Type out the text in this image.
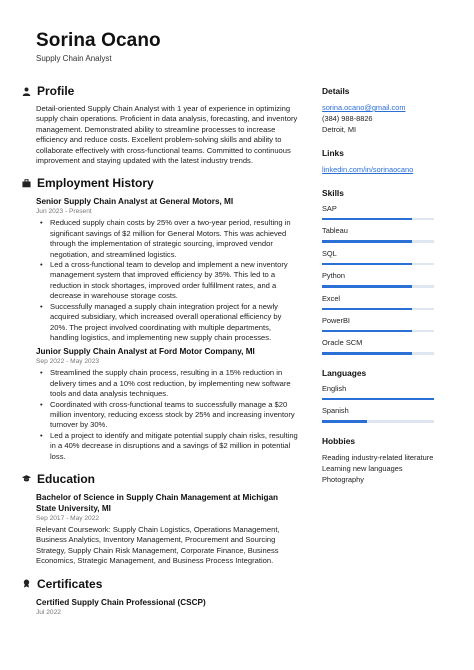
Sorina Ocano
Supply Chain Analyst
Profile
Detail-oriented Supply Chain Analyst with 1 year of experience in optimizing supply chain operations. Proficient in data analysis, forecasting, and inventory management. Demonstrated ability to streamline processes to increase efficiency and reduce costs. Excellent problem-solving skills and ability to collaborate effectively with cross-functional teams. Committed to continuous improvement and staying updated with the latest industry trends.
Employment History
Senior Supply Chain Analyst at General Motors, MI
Jun 2023 - Present
• Reduced supply chain costs by 25% over a two-year period, resulting in significant savings of $2 million for General Motors. This was achieved through the implementation of strategic sourcing, improved vendor negotiation, and streamlined logistics.
• Led a cross-functional team to develop and implement a new inventory management system that improved efficiency by 35%. This led to a reduction in stock shortages, improved order fulfillment rates, and a decrease in warehouse storage costs.
• Successfully managed a supply chain integration project for a newly acquired subsidiary, which increased overall operational efficiency by 20%. The project involved coordinating with multiple departments, handling logistics, and implementing new supply chain processes.
Junior Supply Chain Analyst at Ford Motor Company, MI
Sep 2022 - May 2023
• Streamlined the supply chain process, resulting in a 15% reduction in delivery times and a 10% cost reduction, by implementing new software tools and data analysis techniques.
• Coordinated with cross-functional teams to successfully manage a $20 million inventory, reducing excess stock by 25% and increasing inventory turnover by 30%.
• Led a project to identify and mitigate potential supply chain risks, resulting in a 40% decrease in disruptions and a savings of $2 million in potential loss.
Education
Bachelor of Science in Supply Chain Management at Michigan State University, MI
Sep 2017 - May 2022
Relevant Coursework: Supply Chain Logistics, Operations Management, Business Analytics, Inventory Management, Procurement and Sourcing Strategy, Supply Chain Risk Management, Corporate Finance, Business Economics, Strategic Management, and Business Process Integration.
Certificates
Certified Supply Chain Professional (CSCP)
Jul 2022
Details
sorina.ocano@gmail.com
(384) 988-8826
Detroit, MI
Links
linkedin.com/in/sorinaocano
Skills
SAP
Tableau
SQL
Python
Excel
PowerBI
Oracle SCM
Languages
English
Spanish
Hobbies
Reading industry-related literature
Learning new languages
Photography
